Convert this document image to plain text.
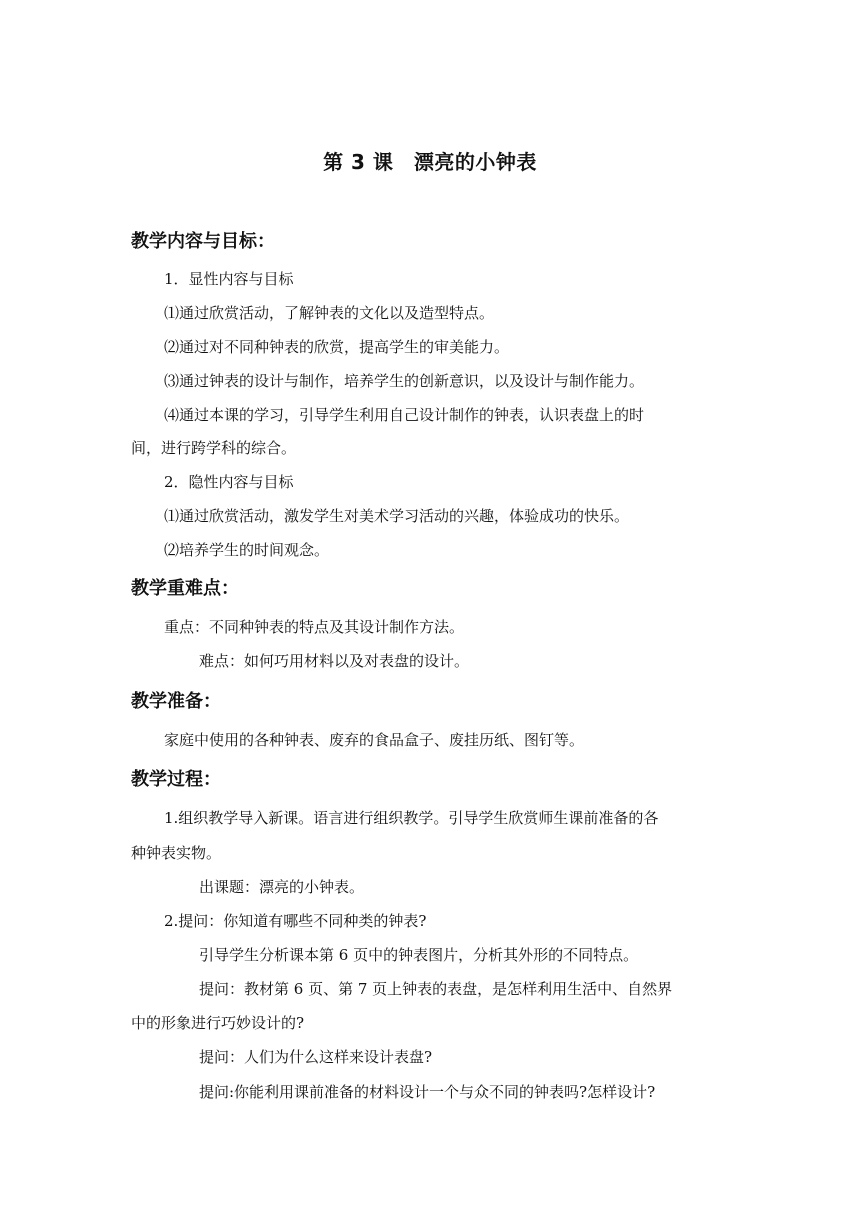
第 3 课　漂亮的小钟表
教学内容与目标：
1．显性内容与目标
⑴通过欣赏活动，了解钟表的文化以及造型特点。
⑵通过对不同种钟表的欣赏，提高学生的审美能力。
⑶通过钟表的设计与制作，培养学生的创新意识，以及设计与制作能力。
⑷通过本课的学习，引导学生利用自己设计制作的钟表，认识表盘上的时
间，进行跨学科的综合。
2．隐性内容与目标
⑴通过欣赏活动，激发学生对美术学习活动的兴趣，体验成功的快乐。
⑵培养学生的时间观念。
教学重难点：
重点：不同种钟表的特点及其设计制作方法。
难点：如何巧用材料以及对表盘的设计。
教学准备：
家庭中使用的各种钟表、废弃的食品盒子、废挂历纸、图钉等。
教学过程：
1.组织教学导入新课。语言进行组织教学。引导学生欣赏师生课前准备的各
种钟表实物。
出课题：漂亮的小钟表。
2.提问：你知道有哪些不同种类的钟表?
引导学生分析课本第 6 页中的钟表图片，分析其外形的不同特点。
提问：教材第 6 页、第 7 页上钟表的表盘，是怎样利用生活中、自然界
中的形象进行巧妙设计的?
提问：人们为什么这样来设计表盘?
提问:你能利用课前准备的材料设计一个与众不同的钟表吗?怎样设计?
